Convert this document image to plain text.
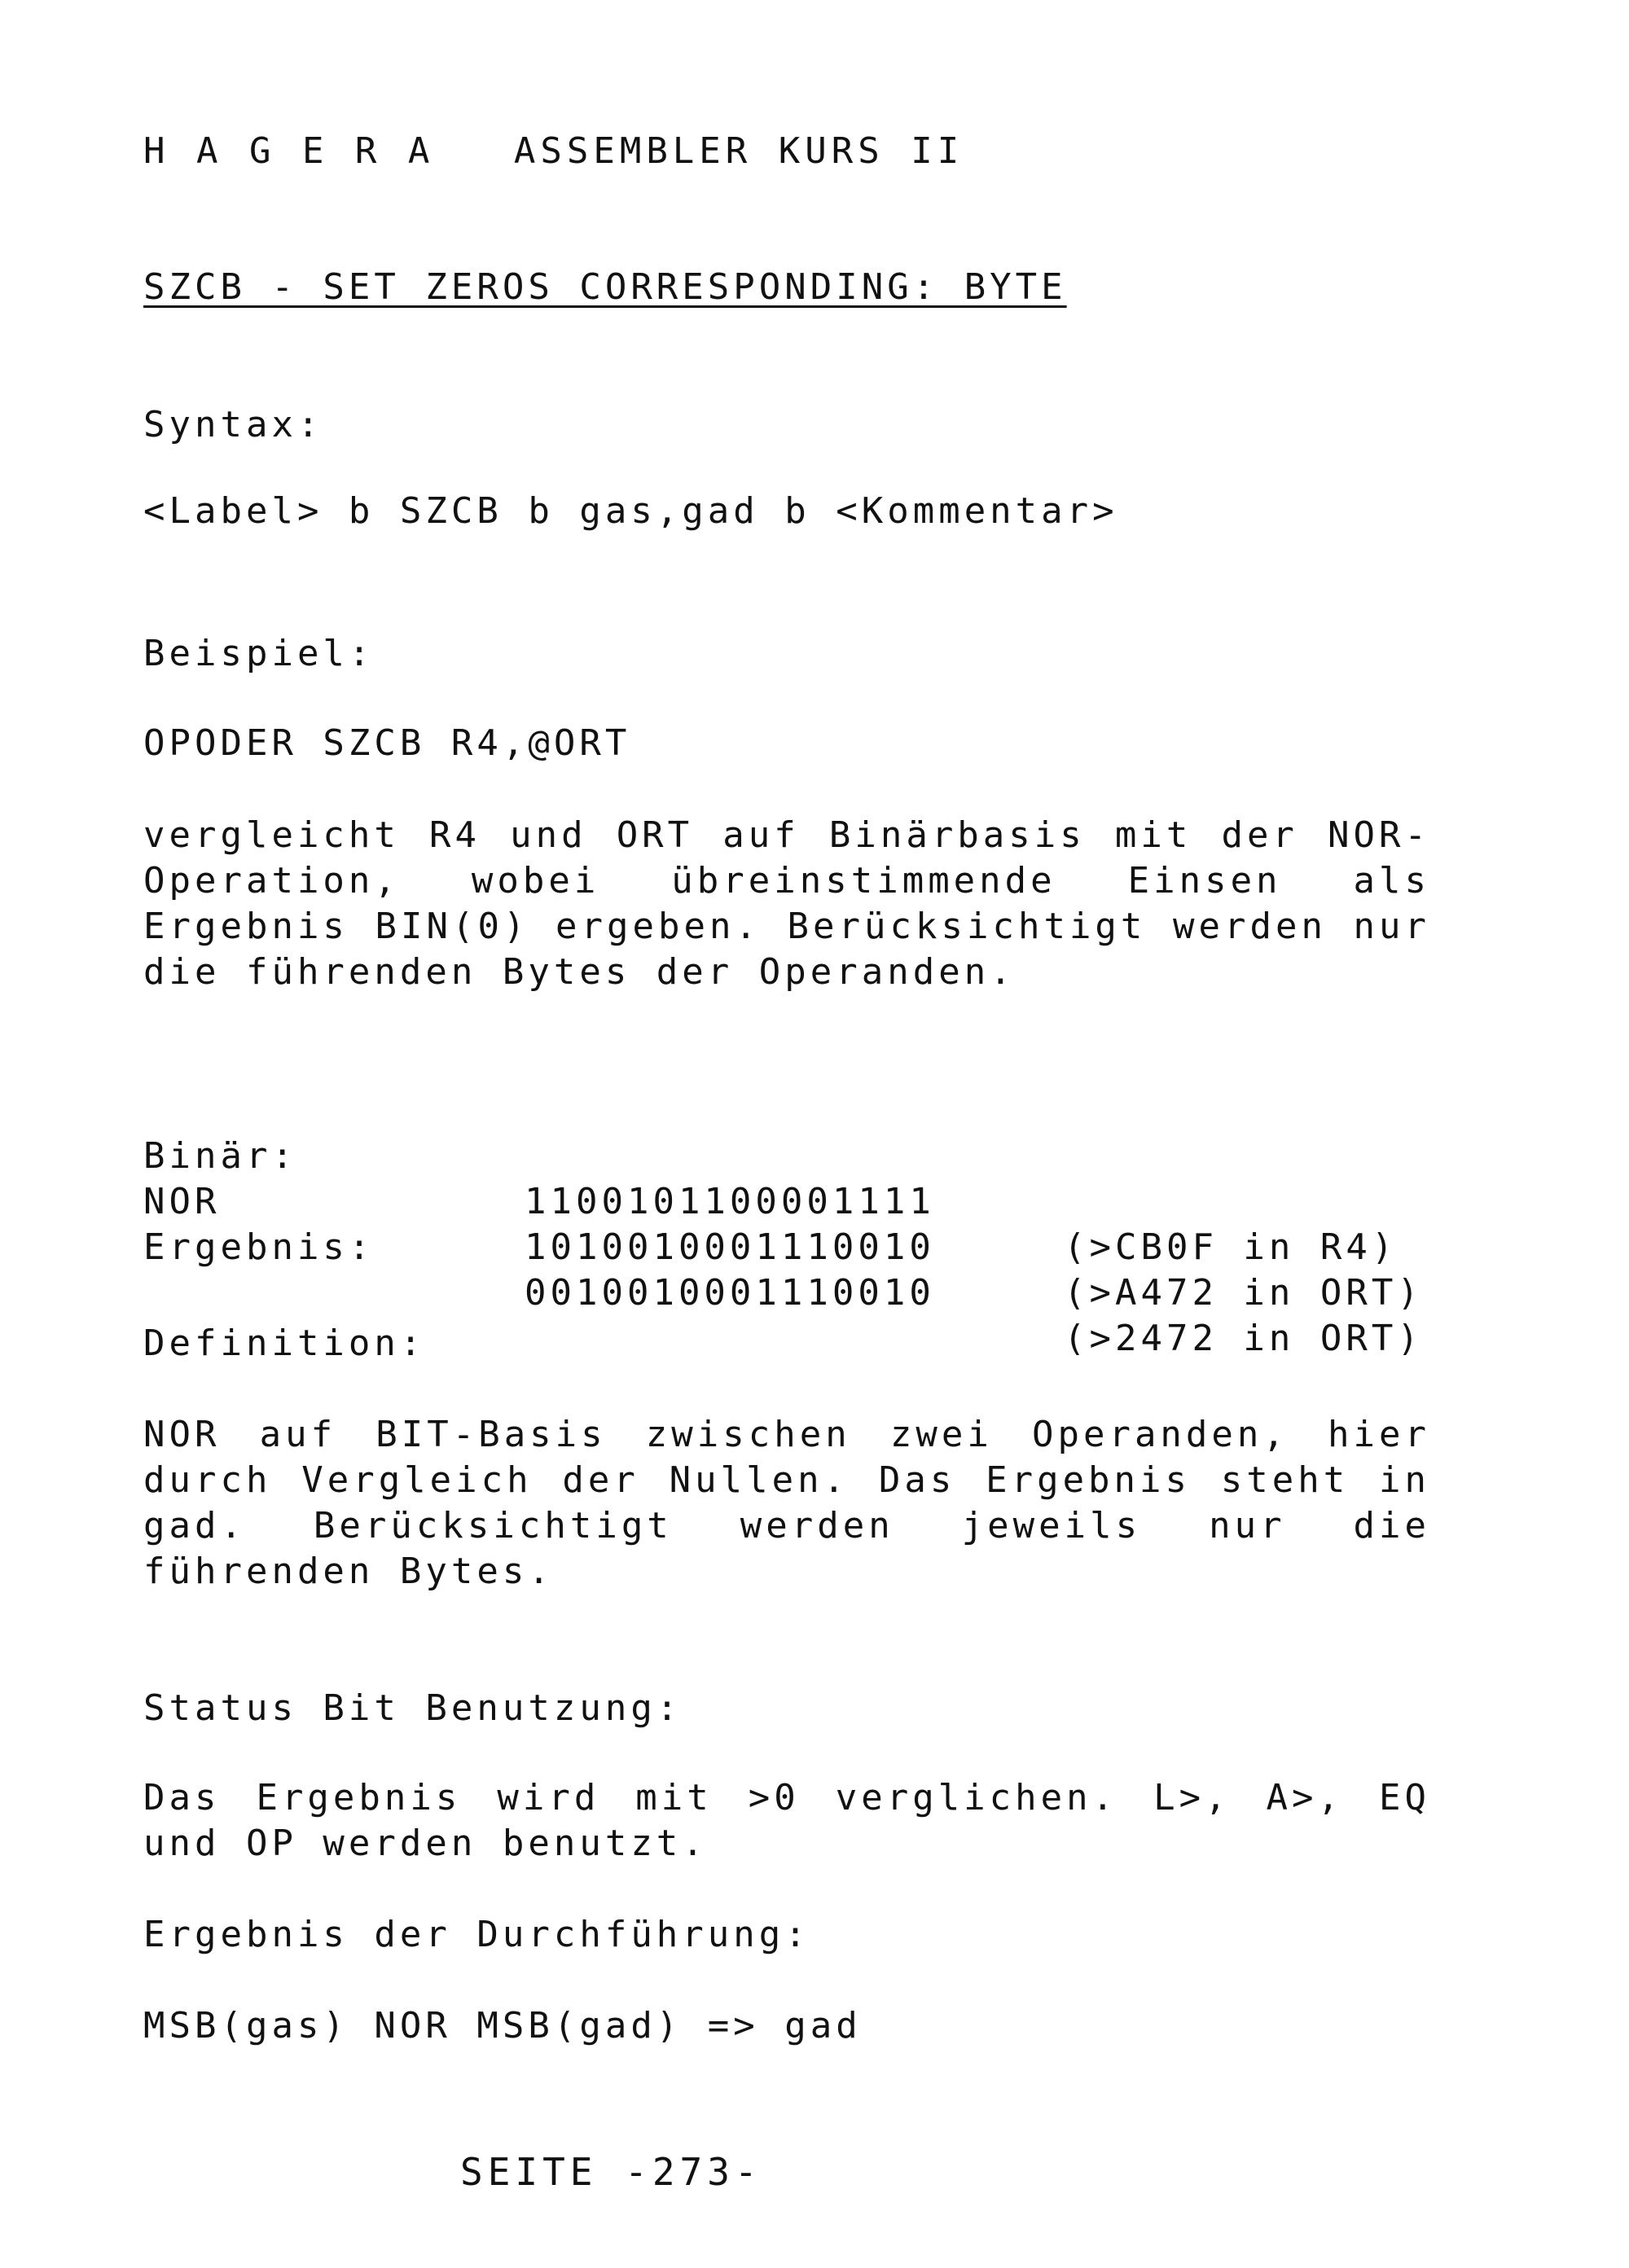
H A G E R A   ASSEMBLER KURS II
SZCB - SET ZEROS CORRESPONDING: BYTE
Syntax:
<Label> b SZCB b gas,gad b <Kommentar>
Beispiel:
OPODER SZCB R4,@ORT
vergleicht R4 und ORT auf Binärbasis mit der NOR-Operation, wobei übreinstimmende Einsen als Ergebnis BIN(0) ergeben. Berücksichtigt werden nur die führenden Bytes der Operanden.

Binär:

1100101100001111

(>CB0F in R4)

NOR

1010010001110010

(>A472 in ORT)

Ergebnis:

0010010001110010

(>2472 in ORT)

Definition:
NOR auf BIT-Basis zwischen zwei Operanden, hier durch Vergleich der Nullen. Das Ergebnis steht in gad. Berücksichtigt werden jeweils nur die führenden Bytes.
Status Bit Benutzung:
Das Ergebnis wird mit >0 verglichen. L>, A>, EQ und OP werden benutzt.
Ergebnis der Durchführung:
MSB(gas) NOR MSB(gad) => gad
SEITE -273-
